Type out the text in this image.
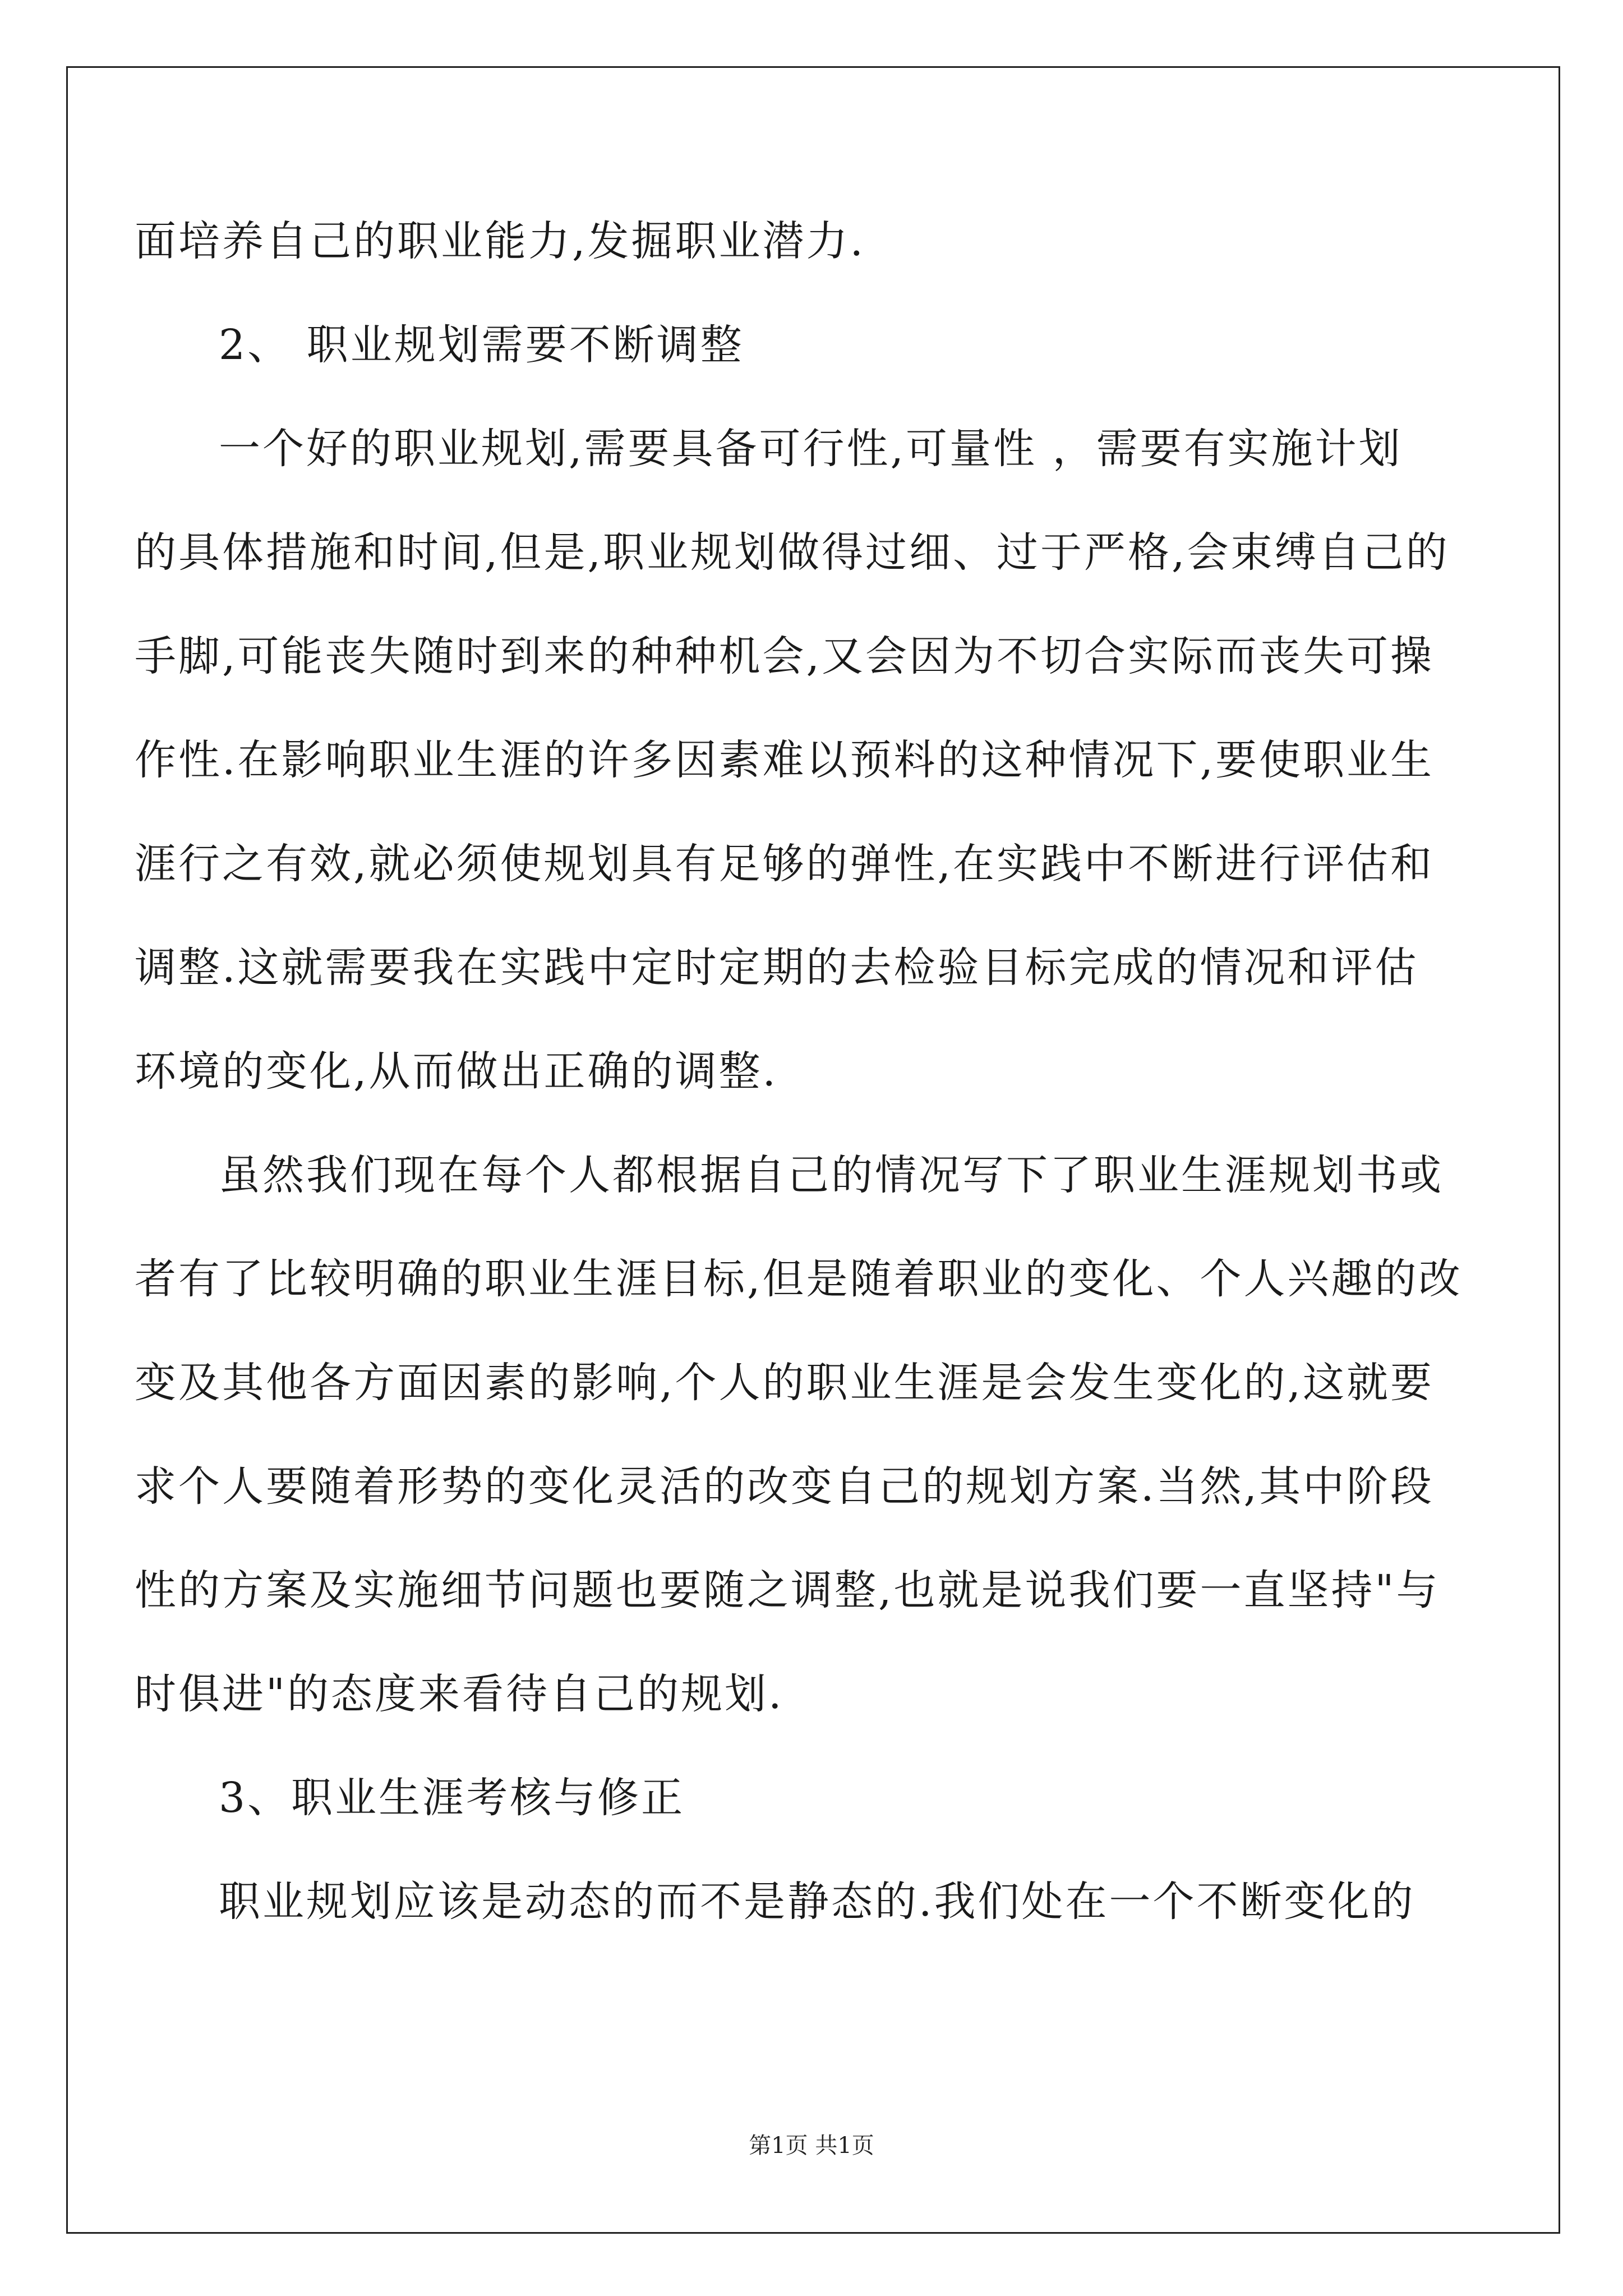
面培养自己的职业能力,发掘职业潜力.
2、 职业规划需要不断调整
一个好的职业规划,需要具备可行性,可量性 ，需要有实施计划
的具体措施和时间,但是,职业规划做得过细、过于严格,会束缚自己的
手脚,可能丧失随时到来的种种机会,又会因为不切合实际而丧失可操
作性.在影响职业生涯的许多因素难以预料的这种情况下,要使职业生
涯行之有效,就必须使规划具有足够的弹性,在实践中不断进行评估和
调整.这就需要我在实践中定时定期的去检验目标完成的情况和评估
环境的变化,从而做出正确的调整.
虽然我们现在每个人都根据自己的情况写下了职业生涯规划书或
者有了比较明确的职业生涯目标,但是随着职业的变化、个人兴趣的改
变及其他各方面因素的影响,个人的职业生涯是会发生变化的,这就要
求个人要随着形势的变化灵活的改变自己的规划方案.当然,其中阶段
性的方案及实施细节问题也要随之调整,也就是说我们要一直坚持"与
时俱进"的态度来看待自己的规划.
3、职业生涯考核与修正
职业规划应该是动态的而不是静态的.我们处在一个不断变化的
第1页 共1页
